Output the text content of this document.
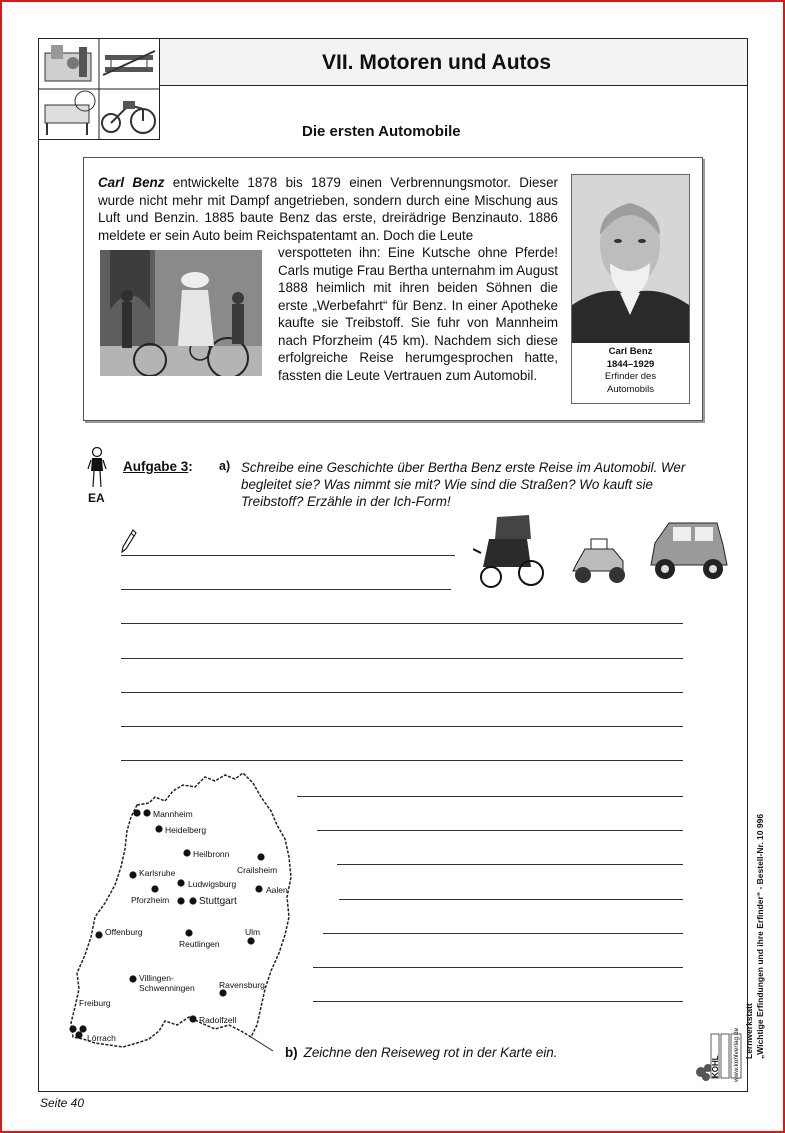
VII. Motoren und Autos
Die ersten Automobile
Carl Benz entwickelte 1878 bis 1879 einen Verbrennungsmotor. Dieser wurde nicht mehr mit Dampf angetrieben, sondern durch eine Mischung aus Luft und Benzin. 1885 baute Benz das erste, dreirädrige Benzinauto. 1886 meldete er sein Auto beim Reichspatentamt an. Doch die Leute
verspotteten ihn: Eine Kutsche ohne Pferde! Carls mutige Frau Bertha unternahm im August 1888 heimlich mit ihren beiden Söhnen die erste „Werbefahrt“ für Benz. In einer Apotheke kaufte sie Treibstoff. Sie fuhr von Mannheim nach Pforzheim (45 km). Nachdem sich diese erfolgreiche Reise herumgesprochen hatte, fassten die Leute Vertrauen zum Automobil.
Carl Benz
1844–1929
Erfinder des
Automobils
EA
Aufgabe 3: a) Schreibe eine Geschichte über Bertha Benz erste Reise im Automobil. Wer begleitet sie? Was nimmt sie mit? Wie sind die Straßen? Wo kauft sie Treibstoff? Erzähle in der Ich-Form!
Mannheim
Heidelberg
Heilbronn
Crailsheim
Karlsruhe
Ludwigsburg
Aalen
Pforzheim	Stuttgart
Offenburg
Reutlingen
Ulm
Villingen-
Schwenningen	Ravensburg
Freiburg
Radolfzell
Lörrach
b) Zeichne den Reiseweg rot in der Karte ein.	Lernwerkstatt „Wichtige Erfindungen und ihre Erfinder“ - Bestell-Nr. 10 996
KOHL www.kohlverlag.de
Seite 40
